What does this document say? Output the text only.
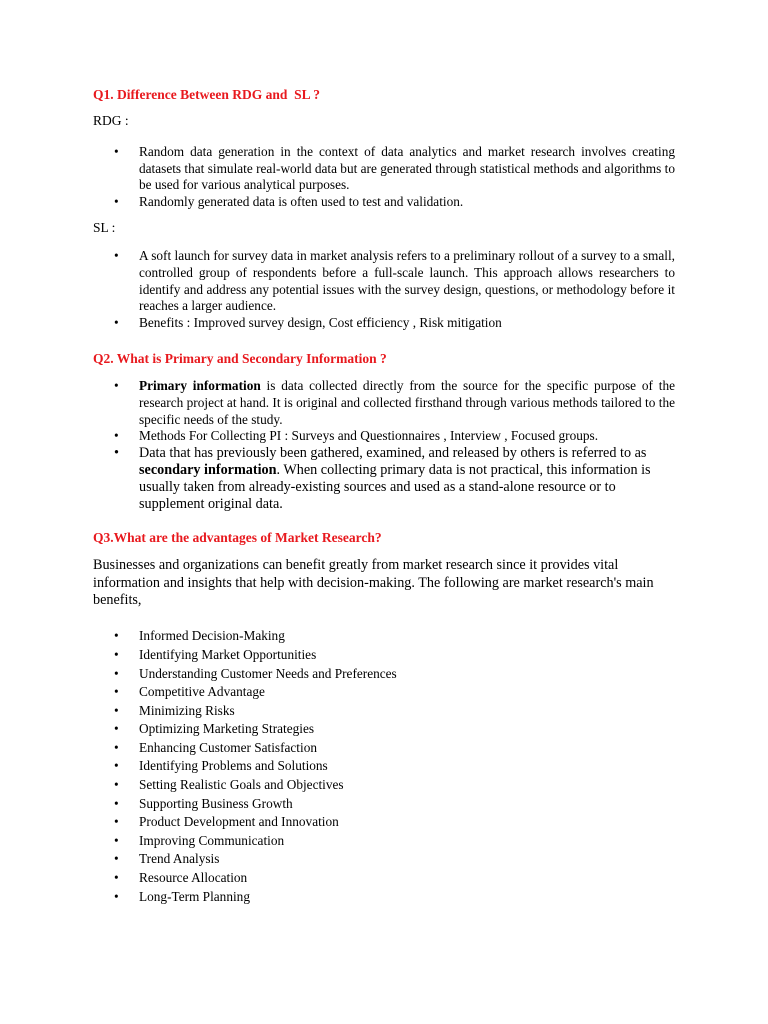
Q1. Difference Between RDG and  SL ?

RDG :

• Random data generation in the context of data analytics and market research involves creating datasets that simulate real-world data but are generated through statistical methods and algorithms to be used for various analytical purposes.
• Randomly generated data is often used to test and validation.

SL :

• A soft launch for survey data in market analysis refers to a preliminary rollout of a survey to a small, controlled group of respondents before a full-scale launch. This approach allows researchers to identify and address any potential issues with the survey design, questions, or methodology before it reaches a larger audience.
• Benefits : Improved survey design, Cost efficiency , Risk mitigation

Q2. What is Primary and Secondary Information ?

• Primary information is data collected directly from the source for the specific purpose of the research project at hand. It is original and collected firsthand through various methods tailored to the specific needs of the study.
• Methods For Collecting PI : Surveys and Questionnaires , Interview , Focused groups.
• Data that has previously been gathered, examined, and released by others is referred to as secondary information. When collecting primary data is not practical, this information is usually taken from already-existing sources and used as a stand-alone resource or to supplement original data.

Q3.What are the advantages of Market Research?

Businesses and organizations can benefit greatly from market research since it provides vital information and insights that help with decision-making. The following are market research's main benefits,

• Informed Decision-Making
• Identifying Market Opportunities
• Understanding Customer Needs and Preferences
• Competitive Advantage
• Minimizing Risks
• Optimizing Marketing Strategies
• Enhancing Customer Satisfaction
• Identifying Problems and Solutions
• Setting Realistic Goals and Objectives
• Supporting Business Growth
• Product Development and Innovation
• Improving Communication
• Trend Analysis
• Resource Allocation
• Long-Term Planning
